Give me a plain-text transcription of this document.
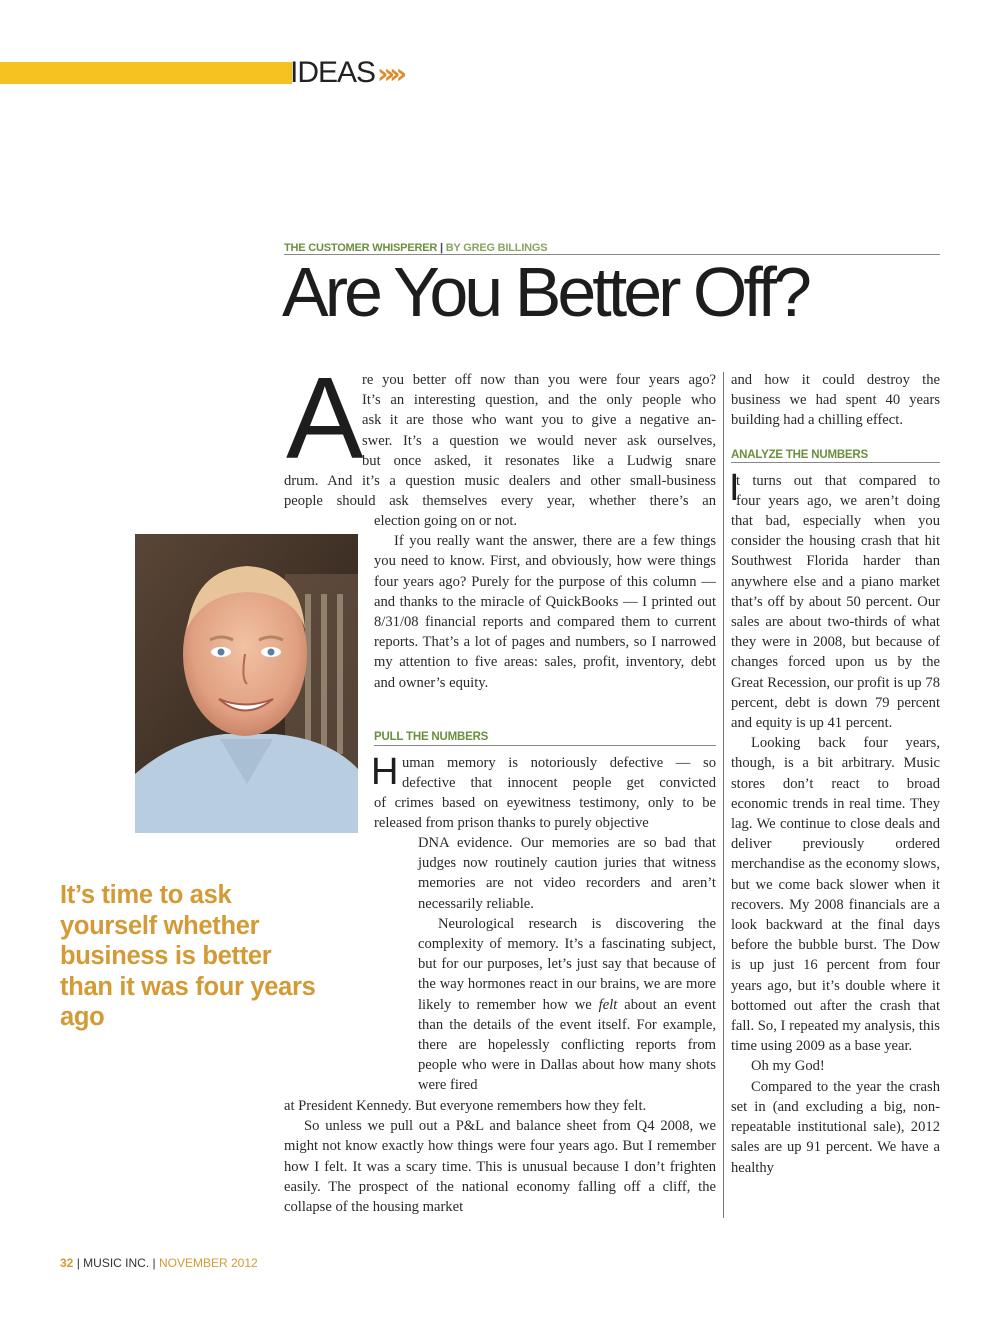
IDEAS »»
THE CUSTOMER WHISPERER | BY GREG BILLINGS
Are You Better Off?
A
re you better off now than you were four years ago?
It’s an interesting question, and the only people who
ask it are those who want you to give a negative an-
swer. It’s a question we would never ask ourselves,
but once asked, it resonates like a Ludwig snare
drum. And it’s a question music dealers and other small-business
people should ask themselves every year, whether there’s an

election going on or not.

If you really want the answer, there are a few things you need to know. First, and obviously, how were things four years ago? Purely for the purpose of this column — and thanks to the miracle of QuickBooks — I printed out 8/31/08 financial reports and compared them to current reports. That’s a lot of pages and numbers, so I narrowed my attention to five areas: sales, profit, inventory, debt and owner’s equity.

PULL THE NUMBERS
H uman memory is notoriously defective — so
defective that innocent people get convicted

of crimes based on eyewitness testimony, only to be released from prison thanks to purely objective

DNA evidence. Our memories are so bad that judges now routinely caution juries that witness memories are not video recorders and aren’t necessarily reliable.

Neurological research is discovering the complexity of memory. It’s a fascinating subject, but for our purposes, let’s just say that because of the way hormones react in our brains, we are more likely to remember how we felt about an event than the details of the event itself. For example, there are hopelessly conflicting reports from people who were in Dallas about how many shots were fired

at President Kennedy. But everyone remembers how they felt.

So unless we pull out a P&L and balance sheet from Q4 2008, we might not know exactly how things were four years ago. But I remember how I felt. It was a scary time. This is unusual because I don’t frighten easily. The prospect of the national economy falling off a cliff, the collapse of the housing market

and how it could destroy the business we had spent 40 years building had a chilling effect.

ANALYZE THE NUMBERS
I
t turns out that compared to
four years ago, we aren’t doing

that bad, especially when you consider the housing crash that hit Southwest Florida harder than anywhere else and a piano market that’s off by about 50 percent. Our sales are about two-thirds of what they were in 2008, but because of changes forced upon us by the Great Recession, our profit is up 78 percent, debt is down 79 percent and equity is up 41 percent.

Looking back four years, though, is a bit arbitrary. Music stores don’t react to broad economic trends in real time. They lag. We continue to close deals and deliver previously ordered merchandise as the economy slows, but we come back slower when it recovers. My 2008 financials are a look backward at the final days before the bubble burst. The Dow is up just 16 percent from four years ago, but it’s double where it bottomed out after the crash that fall. So, I repeated my analysis, this time using 2009 as a base year.

Oh my God!

Compared to the year the crash set in (and excluding a big, non-repeatable institutional sale), 2012 sales are up 91 percent. We have a healthy

It’s time to ask yourself whether business is better than it was four years ago
32 | MUSIC INC. | NOVEMBER 2012
